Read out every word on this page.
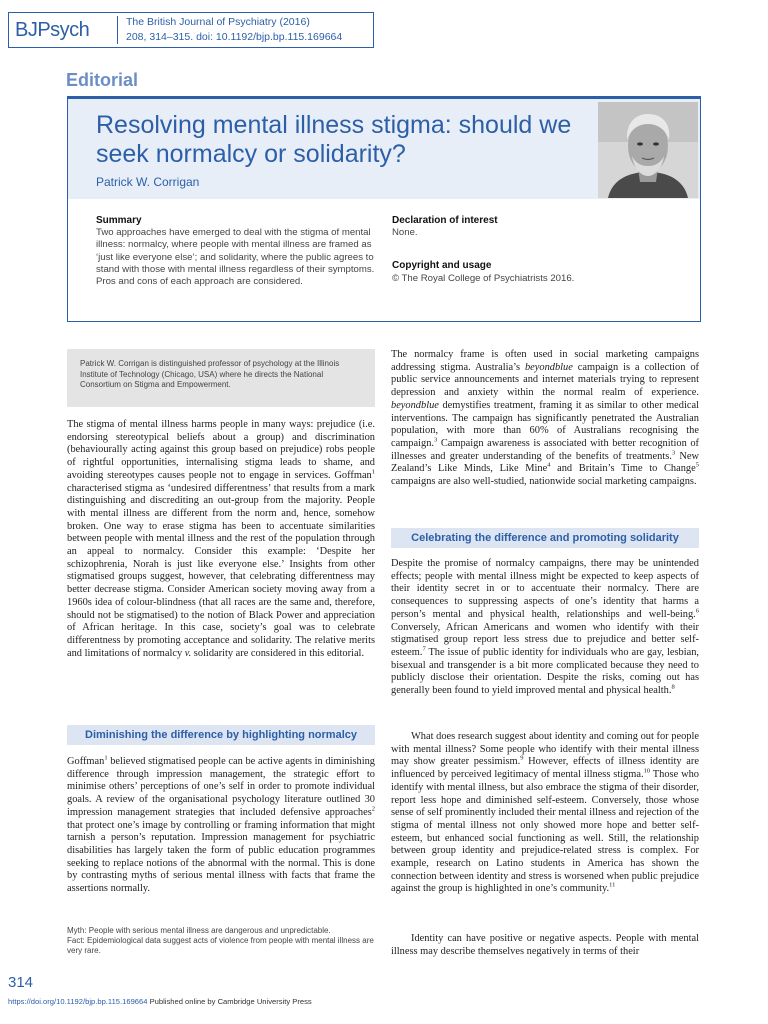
BJPsych	The British Journal of Psychiatry (2016)
208, 314–315. doi: 10.1192/bjp.bp.115.169664
Editorial
Resolving mental illness stigma: should we seek normalcy or solidarity?
Patrick W. Corrigan
Summary
Two approaches have emerged to deal with the stigma of mental illness: normalcy, where people with mental illness are framed as ‘just like everyone else’; and solidarity, where the public agrees to stand with those with mental illness regardless of their symptoms. Pros and cons of each approach are considered.
Declaration of interest
None.
Copyright and usage
© The Royal College of Psychiatrists 2016.
Patrick W. Corrigan is distinguished professor of psychology at the Illinois Institute of Technology (Chicago, USA) where he directs the National Consortium on Stigma and Empowerment.
The stigma of mental illness harms people in many ways: prejudice (i.e. endorsing stereotypical beliefs about a group) and discrimination (behaviourally acting against this group based on prejudice) robs people of rightful opportunities, internalising stigma leads to shame, and avoiding stereotypes causes people not to engage in services. Goffman$^1$ characterised stigma as ‘undesired differentness’ that results from a mark distinguishing and discrediting an out-group from the majority. People with mental illness are different from the norm and, hence, somehow broken. One way to erase stigma has been to accentuate similarities between people with mental illness and the rest of the population through an appeal to normalcy. Consider this example: ‘Despite her schizophrenia, Norah is just like everyone else.’ Insights from other stigmatised groups suggest, however, that celebrating differentness may better decrease stigma. Consider American society moving away from a 1960s idea of colour-blindness (that all races are the same and, therefore, should not be stigmatised) to the notion of Black Power and appreciation of African heritage. In this case, society’s goal was to celebrate differentness by promoting acceptance and solidarity. The relative merits and limitations of normalcy v. solidarity are considered in this editorial.
Diminishing the difference by highlighting normalcy
Goffman$^1$ believed stigmatised people can be active agents in diminishing difference through impression management, the strategic effort to minimise others’ perceptions of one’s self in order to promote individual goals. A review of the organisational psychology literature outlined 30 impression management strategies that included defensive approaches$^2$ that protect one’s image by controlling or framing information that might tarnish a person’s reputation. Impression management for psychiatric disabilities has largely taken the form of public education programmes seeking to replace notions of the abnormal with the normal. This is done by contrasting myths of serious mental illness with facts that frame the assertions normally.
Myth: People with serious mental illness are dangerous and unpredictable.
Fact: Epidemiological data suggest acts of violence from people with mental illness are very rare.
The normalcy frame is often used in social marketing campaigns addressing stigma. Australia’s beyondblue campaign is a collection of public service announcements and internet materials trying to represent depression and anxiety within the normal realm of experience. beyondblue demystifies treatment, framing it as similar to other medical interventions. The campaign has significantly penetrated the Australian population, with more than 60% of Australians recognising the campaign.$^3$ Campaign awareness is associated with better recognition of illnesses and greater understanding of the benefits of treatments.$^3$ New Zealand’s Like Minds, Like Mine$^4$ and Britain’s Time to Change$^5$ campaigns are also well-studied, nationwide social marketing campaigns.
Celebrating the difference and promoting solidarity
Despite the promise of normalcy campaigns, there may be unintended effects; people with mental illness might be expected to keep aspects of their identity secret in or to accentuate their normalcy. There are consequences to suppressing aspects of one’s identity that harms a person’s mental and physical health, relationships and well-being.$^6$ Conversely, African Americans and women who identify with their stigmatised group report less stress due to prejudice and better self-esteem.$^7$ The issue of public identity for individuals who are gay, lesbian, bisexual and transgender is a bit more complicated because they need to publicly disclose their orientation. Despite the risks, coming out has generally been found to yield improved mental and physical health.$^8$
What does research suggest about identity and coming out for people with mental illness? Some people who identify with their mental illness may show greater pessimism.$^9$ However, effects of illness identity are influenced by perceived legitimacy of mental illness stigma.$^{10}$ Those who identify with mental illness, but also embrace the stigma of their disorder, report less hope and diminished self-esteem. Conversely, those whose sense of self prominently included their mental illness and rejection of the stigma of mental illness not only showed more hope and better self-esteem, but enhanced social functioning as well. Still, the relationship between group identity and prejudice-related stress is complex. For example, research on Latino students in America has shown the connection between identity and stress is worsened when public prejudice against the group is highlighted in one’s community.$^{11}$
Identity can have positive or negative aspects. People with mental illness may describe themselves negatively in terms of their
314
https://doi.org/10.1192/bjp.bp.115.169664 Published online by Cambridge University Press
